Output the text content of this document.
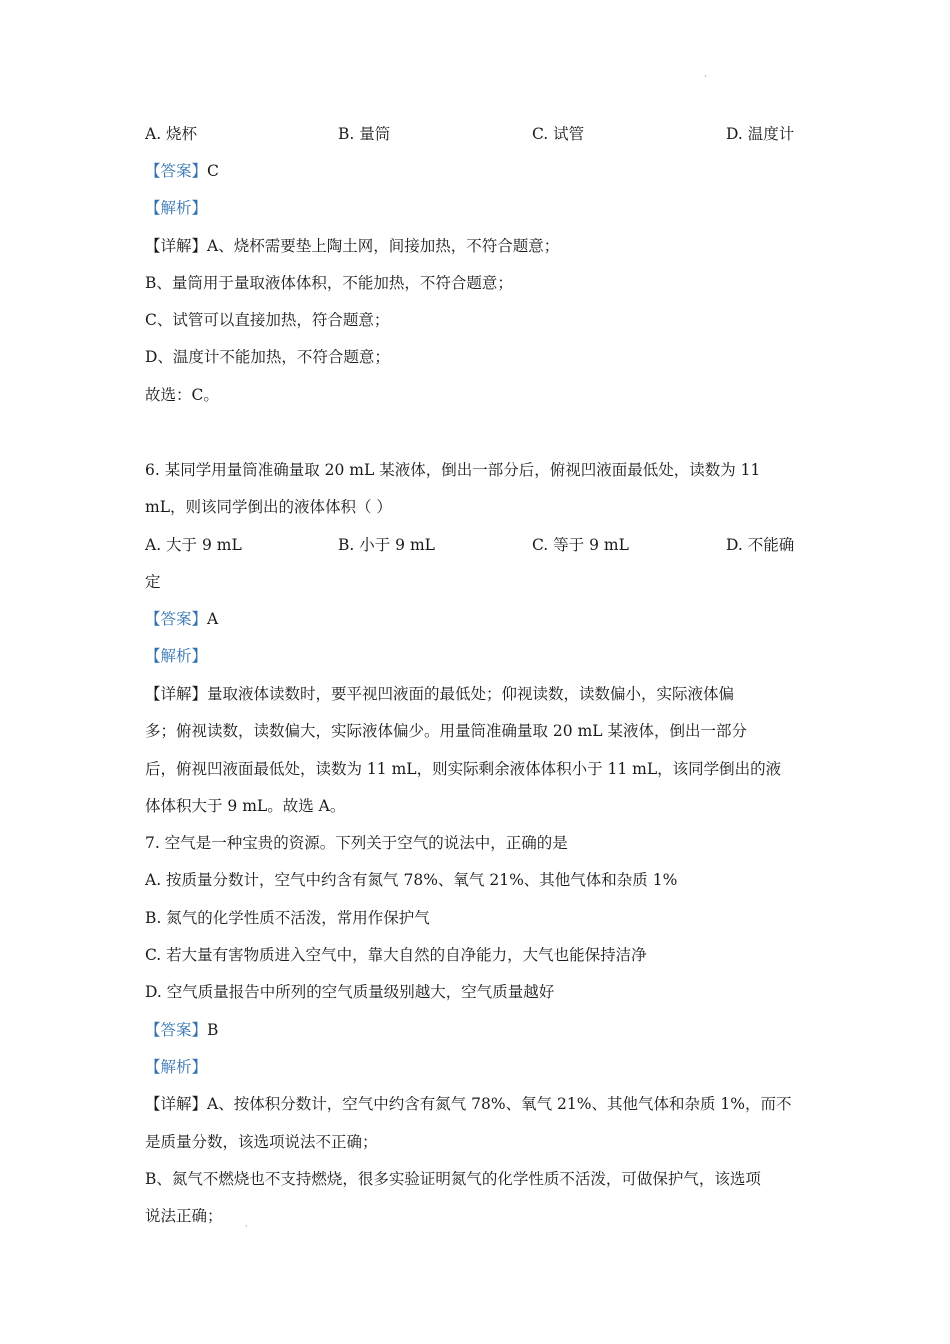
·
A. 烧杯	B. 量筒	C. 试管	D. 温度计
【答案】C
【解析】
【详解】A、烧杯需要垫上陶土网，间接加热，不符合题意；
B、量筒用于量取液体体积，不能加热，不符合题意；
C、试管可以直接加热，符合题意；
D、温度计不能加热，不符合题意；
故选：C。
6. 某同学用量筒准确量取 20 mL 某液体，倒出一部分后，俯视凹液面最低处，读数为 11
mL，则该同学倒出的液体体积（ ）
A. 大于 9 mL	B. 小于 9 mL	C. 等于 9 mL	D. 不能确
定
【答案】A
【解析】
【详解】量取液体读数时，要平视凹液面的最低处；仰视读数，读数偏小，实际液体偏
多；俯视读数，读数偏大，实际液体偏少。用量筒准确量取 20 mL 某液体，倒出一部分
后，俯视凹液面最低处，读数为 11 mL，则实际剩余液体体积小于 11 mL，该同学倒出的液
体体积大于 9 mL。故选 A。
7. 空气是一种宝贵的资源。下列关于空气的说法中，正确的是
A. 按质量分数计，空气中约含有氮气 78%、氧气 21%、其他气体和杂质 1%
B. 氮气的化学性质不活泼，常用作保护气
C. 若大量有害物质进入空气中，靠大自然的自净能力，大气也能保持洁净
D. 空气质量报告中所列的空气质量级别越大，空气质量越好
【答案】B
【解析】
【详解】A、按体积分数计，空气中约含有氮气 78%、氧气 21%、其他气体和杂质 1%，而不
是质量分数，该选项说法不正确；
B、氮气不燃烧也不支持燃烧，很多实验证明氮气的化学性质不活泼，可做保护气，该选项
说法正确；
·
